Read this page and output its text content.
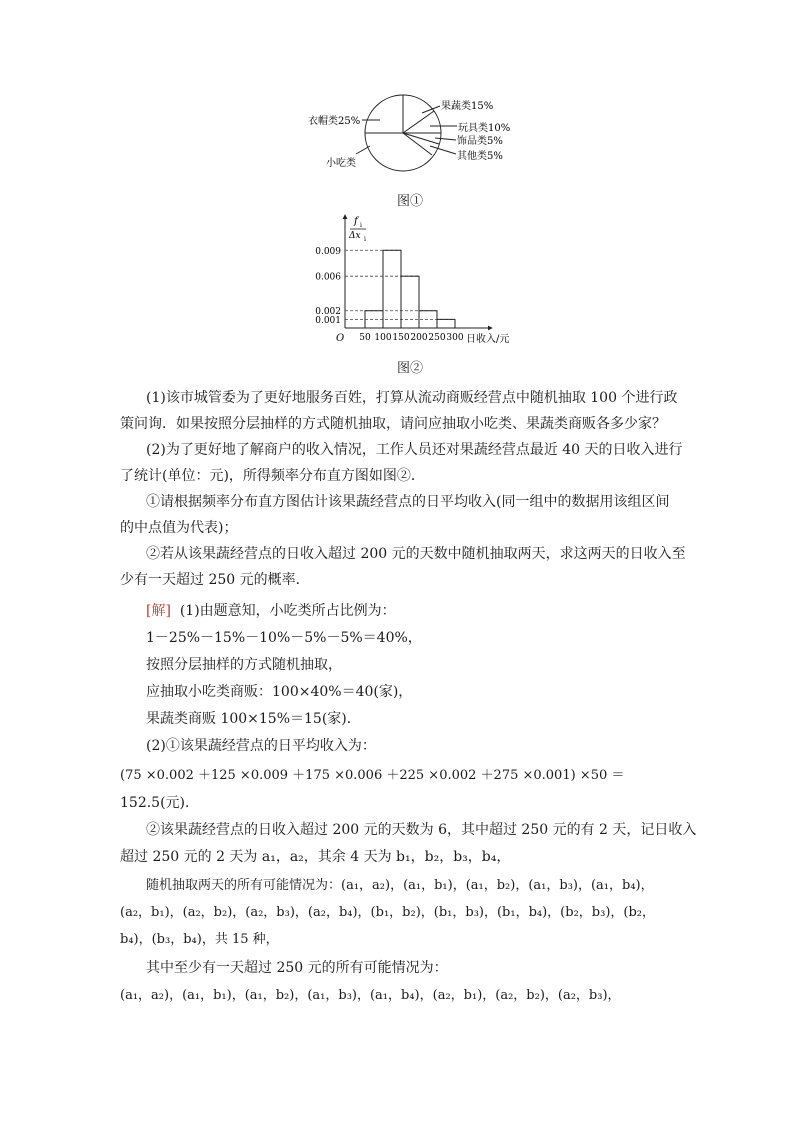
衣帽类25%
果蔬类15%
玩具类10%
饰品类5%
其他类5%
小吃类
图①
f i
Δx i
O	日收入/元
0.009
0.006
0.002
0.001
50 100 150 200 250 300
图②
(1)该市城管委为了更好地服务百姓，打算从流动商贩经营点中随机抽取 100 个进行政
策问询．如果按照分层抽样的方式随机抽取，请问应抽取小吃类、果蔬类商贩各多少家？
(2)为了更好地了解商户的收入情况，工作人员还对果蔬经营点最近 40 天的日收入进行
了统计(单位：元)，所得频率分布直方图如图②．
①请根据频率分布直方图估计该果蔬经营点的日平均收入(同一组中的数据用该组区间
的中点值为代表)；
②若从该果蔬经营点的日收入超过 200 元的天数中随机抽取两天，求这两天的日收入至
少有一天超过 250 元的概率．
[解] (1)由题意知，小吃类所占比例为：
1－25%－15%－10%－5%－5%＝40%，
按照分层抽样的方式随机抽取，
应抽取小吃类商贩：100×40%＝40(家)，
果蔬类商贩 100×15%＝15(家)．
(2)①该果蔬经营点的日平均收入为：
(75 ×0.002 ＋125 ×0.009 ＋175 ×0.006 ＋225 ×0.002 ＋275 ×0.001) ×50 ＝
152.5(元)．
②该果蔬经营点的日收入超过 200 元的天数为 6，其中超过 250 元的有 2 天，记日收入
超过 250 元的 2 天为 a₁，a₂，其余 4 天为 b₁，b₂，b₃，b₄，
随机抽取两天的所有可能情况为：(a₁，a₂)，(a₁，b₁)，(a₁，b₂)，(a₁，b₃)，(a₁，b₄)，
(a₂，b₁)，(a₂，b₂)，(a₂，b₃)，(a₂，b₄)，(b₁，b₂)，(b₁，b₃)，(b₁，b₄)，(b₂，b₃)，(b₂，
b₄)，(b₃，b₄)，共 15 种，
其中至少有一天超过 250 元的所有可能情况为：
(a₁，a₂)，(a₁，b₁)，(a₁，b₂)，(a₁，b₃)，(a₁，b₄)，(a₂，b₁)，(a₂，b₂)，(a₂，b₃)，
